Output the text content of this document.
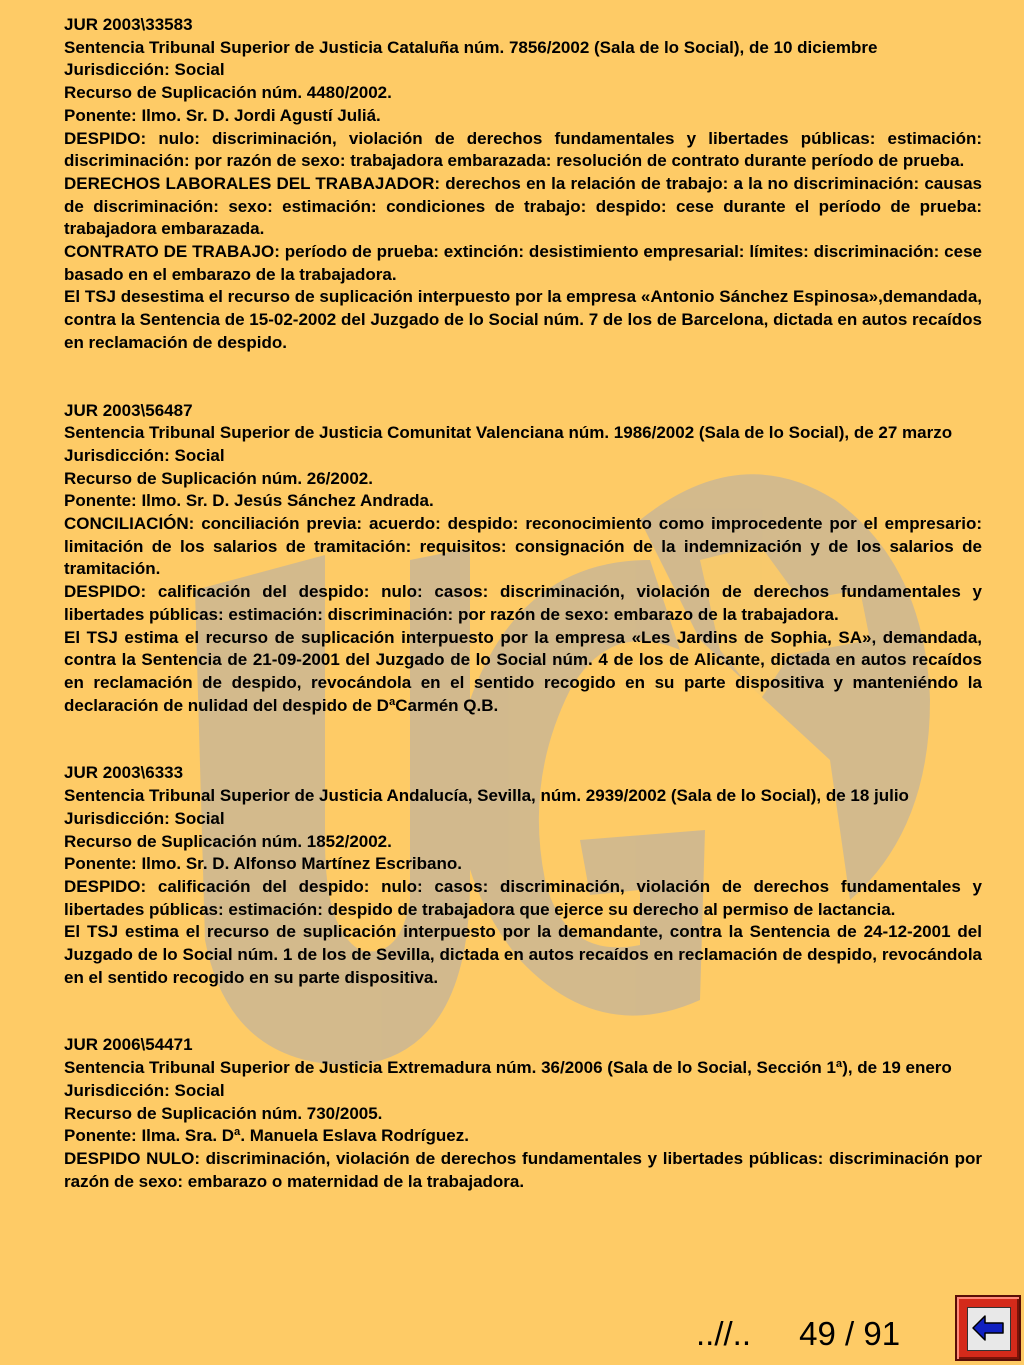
JUR 2003\33583

Sentencia Tribunal Superior de Justicia Cataluña núm. 7856/2002 (Sala de lo Social), de 10 diciembre

Jurisdicción: Social

Recurso de Suplicación núm. 4480/2002.

Ponente: Ilmo. Sr. D. Jordi Agustí Juliá.

DESPIDO: nulo: discriminación, violación de derechos fundamentales y libertades públicas: estimación: discriminación: por razón de sexo: trabajadora embarazada: resolución de contrato durante período de prueba.

DERECHOS LABORALES DEL TRABAJADOR: derechos en la relación de trabajo: a la no discriminación: causas de discriminación: sexo: estimación: condiciones de trabajo: despido: cese durante el período de prueba: trabajadora embarazada.

CONTRATO DE TRABAJO: período de prueba: extinción: desistimiento empresarial: límites: discriminación: cese basado en el embarazo de la trabajadora.

El TSJ desestima el recurso de suplicación interpuesto por la empresa «Antonio Sánchez Espinosa»,demandada, contra la Sentencia de 15-02-2002 del Juzgado de lo Social núm. 7 de los de Barcelona, dictada en autos recaídos en reclamación de despido.

JUR 2003\56487

Sentencia Tribunal Superior de Justicia Comunitat Valenciana núm. 1986/2002 (Sala de lo Social), de 27 marzo

Jurisdicción: Social

Recurso de Suplicación núm. 26/2002.

Ponente: Ilmo. Sr. D. Jesús Sánchez Andrada.

CONCILIACIÓN: conciliación previa: acuerdo: despido: reconocimiento como improcedente por el empresario: limitación de los salarios de tramitación: requisitos: consignación de la indemnización y de los salarios de tramitación.

DESPIDO: calificación del despido: nulo: casos: discriminación, violación de derechos fundamentales y libertades públicas: estimación: discriminación: por razón de sexo: embarazo de la trabajadora.

El TSJ estima el recurso de suplicación interpuesto por la empresa «Les Jardins de Sophia, SA», demandada, contra la Sentencia de 21-09-2001 del Juzgado de lo Social núm. 4 de los de Alicante, dictada en autos recaídos en reclamación de despido, revocándola en el sentido recogido en su parte dispositiva y manteniéndo la declaración de nulidad del despido de DªCarmén Q.B.

JUR 2003\6333

Sentencia Tribunal Superior de Justicia Andalucía, Sevilla, núm. 2939/2002 (Sala de lo Social), de 18 julio

Jurisdicción: Social

Recurso de Suplicación núm. 1852/2002.

Ponente: Ilmo. Sr. D. Alfonso Martínez Escribano.

DESPIDO: calificación del despido: nulo: casos: discriminación, violación de derechos fundamentales y libertades públicas: estimación: despido de trabajadora que ejerce su derecho al permiso de lactancia.

El TSJ estima el recurso de suplicación interpuesto por la demandante, contra la Sentencia de 24-12-2001 del Juzgado de lo Social núm. 1 de los de Sevilla, dictada en autos recaídos en reclamación de despido, revocándola en el sentido recogido en su parte dispositiva.

JUR 2006\54471

Sentencia Tribunal Superior de Justicia Extremadura núm. 36/2006 (Sala de lo Social, Sección 1ª), de 19 enero

Jurisdicción: Social

Recurso de Suplicación núm. 730/2005.

Ponente: Ilma. Sra. Dª. Manuela Eslava Rodríguez.

DESPIDO NULO: discriminación, violación de derechos fundamentales y libertades públicas: discriminación por razón de sexo: embarazo o maternidad de la trabajadora.

..//.. 49 / 91
